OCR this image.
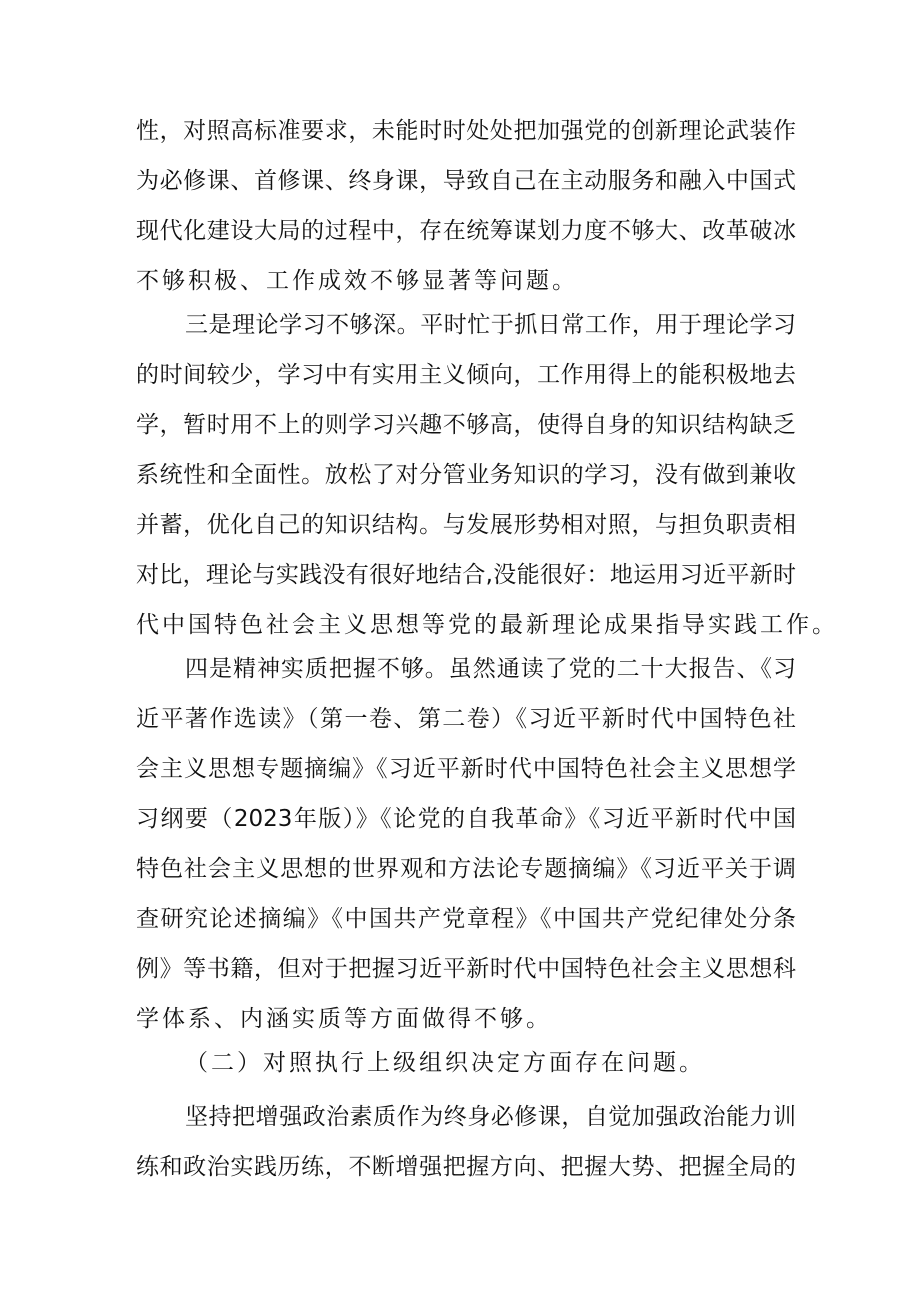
性，对照高标准要求，未能时时处处把加强党的创新理论武装作
为必修课、首修课、终身课，导致自己在主动服务和融入中国式
现代化建设大局的过程中，存在统筹谋划力度不够大、改革破冰
不够积极、工作成效不够显著等问题。
三是理论学习不够深。平时忙于抓日常工作，用于理论学习
的时间较少，学习中有实用主义倾向，工作用得上的能积极地去
学，暂时用不上的则学习兴趣不够高，使得自身的知识结构缺乏
系统性和全面性。放松了对分管业务知识的学习，没有做到兼收
并蓄，优化自己的知识结构。与发展形势相对照，与担负职责相
对比，理论与实践没有很好地结合,没能很好：地运用习近平新时
代中国特色社会主义思想等党的最新理论成果指导实践工作。
四是精神实质把握不够。虽然通读了党的二十大报告、《习
近平著作选读》（第一卷、第二卷）《习近平新时代中国特色社
会主义思想专题摘编》《习近平新时代中国特色社会主义思想学
习纲要（2023年版）》《论党的自我革命》《习近平新时代中国
特色社会主义思想的世界观和方法论专题摘编》《习近平关于调
查研究论述摘编》《中国共产党章程》《中国共产党纪律处分条
例》等书籍，但对于把握习近平新时代中国特色社会主义思想科
学体系、内涵实质等方面做得不够。
（二）对照执行上级组织决定方面存在问题。
坚持把增强政治素质作为终身必修课，自觉加强政治能力训
练和政治实践历练，不断增强把握方向、把握大势、把握全局的
